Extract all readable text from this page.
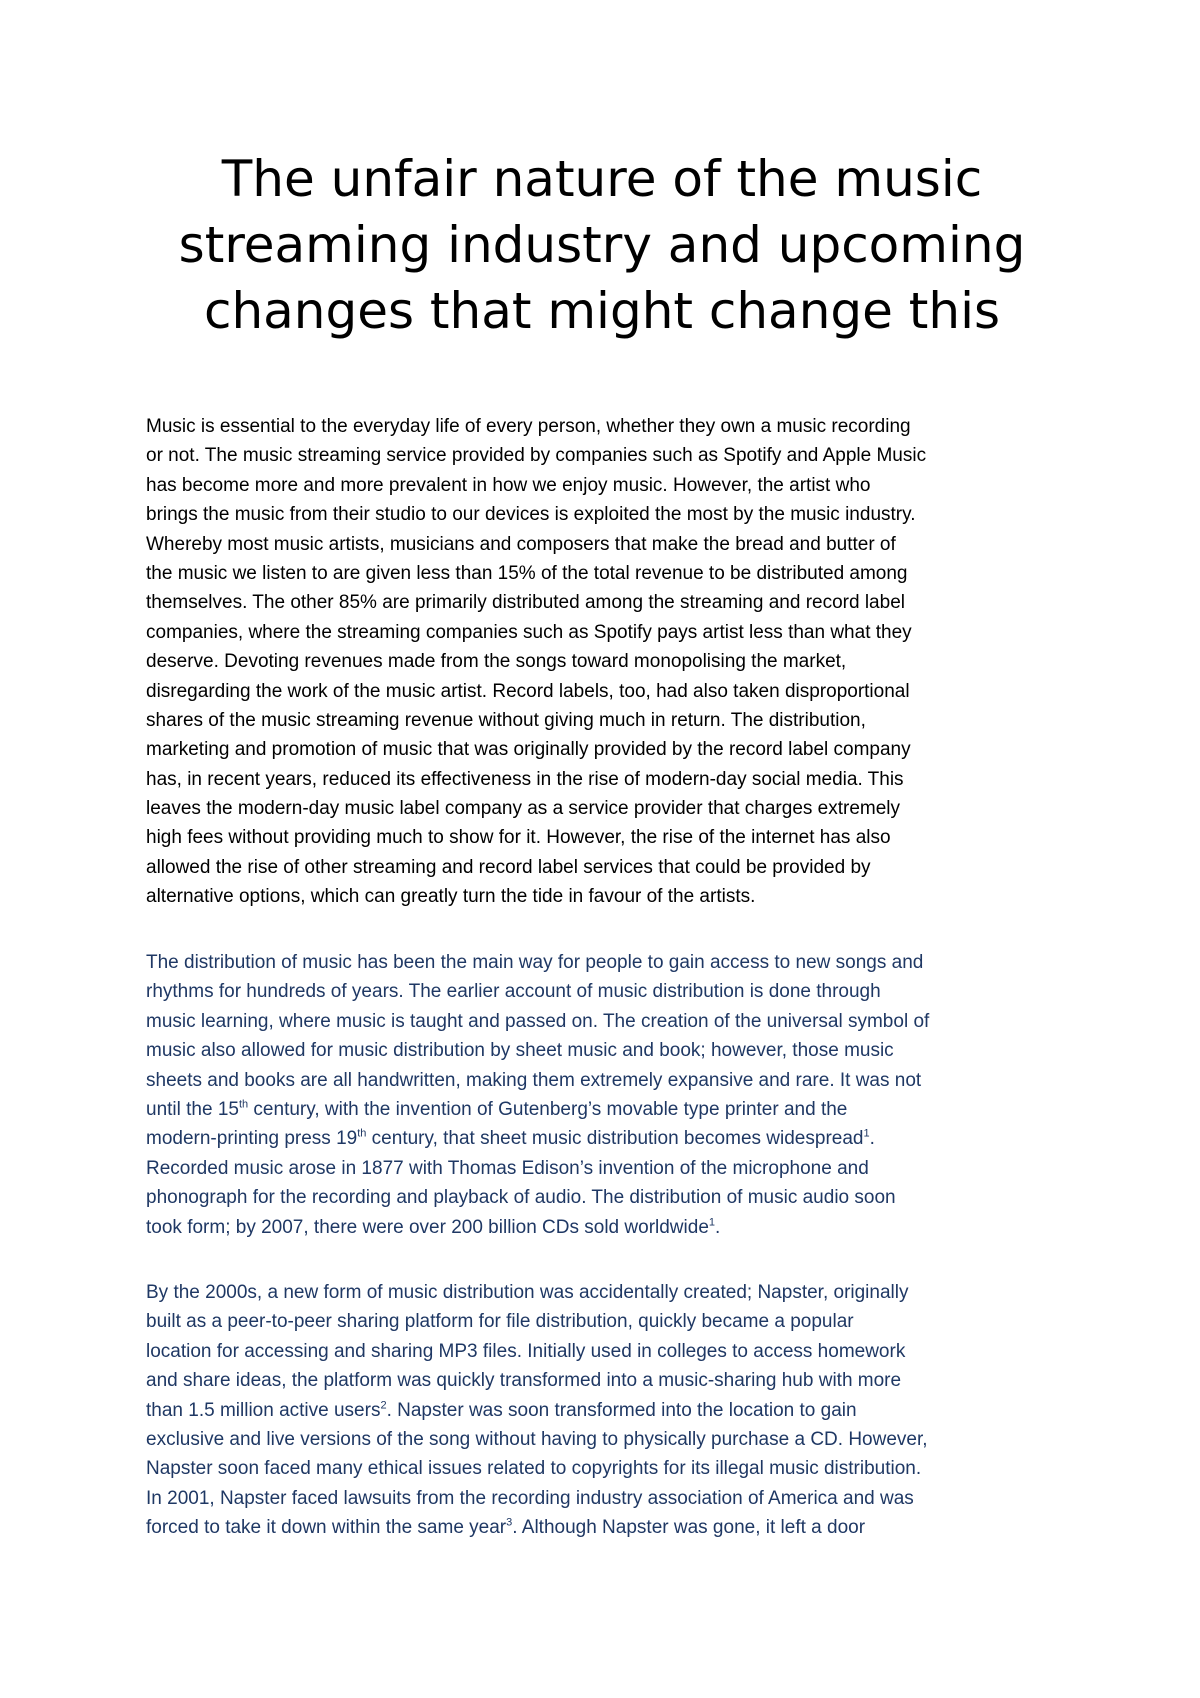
The unfair nature of the music streaming industry and upcoming changes that might change this
Music is essential to the everyday life of every person, whether they own a music recording
or not. The music streaming service provided by companies such as Spotify and Apple Music
has become more and more prevalent in how we enjoy music. However, the artist who
brings the music from their studio to our devices is exploited the most by the music industry.
Whereby most music artists, musicians and composers that make the bread and butter of
the music we listen to are given less than 15% of the total revenue to be distributed among
themselves. The other 85% are primarily distributed among the streaming and record label
companies, where the streaming companies such as Spotify pays artist less than what they
deserve. Devoting revenues made from the songs toward monopolising the market,
disregarding the work of the music artist. Record labels, too, had also taken disproportional
shares of the music streaming revenue without giving much in return. The distribution,
marketing and promotion of music that was originally provided by the record label company
has, in recent years, reduced its effectiveness in the rise of modern-day social media. This
leaves the modern-day music label company as a service provider that charges extremely
high fees without providing much to show for it. However, the rise of the internet has also
allowed the rise of other streaming and record label services that could be provided by
alternative options, which can greatly turn the tide in favour of the artists.
The distribution of music has been the main way for people to gain access to new songs and
rhythms for hundreds of years. The earlier account of music distribution is done through
music learning, where music is taught and passed on. The creation of the universal symbol of
music also allowed for music distribution by sheet music and book; however, those music
sheets and books are all handwritten, making them extremely expansive and rare. It was not
until the 15th century, with the invention of Gutenberg’s movable type printer and the
modern-printing press 19th century, that sheet music distribution becomes widespread$^1$.
Recorded music arose in 1877 with Thomas Edison’s invention of the microphone and
phonograph for the recording and playback of audio. The distribution of music audio soon
took form; by 2007, there were over 200 billion CDs sold worldwide$^1$.
By the 2000s, a new form of music distribution was accidentally created; Napster, originally
built as a peer-to-peer sharing platform for file distribution, quickly became a popular
location for accessing and sharing MP3 files. Initially used in colleges to access homework
and share ideas, the platform was quickly transformed into a music-sharing hub with more
than 1.5 million active users$^2$. Napster was soon transformed into the location to gain
exclusive and live versions of the song without having to physically purchase a CD. However,
Napster soon faced many ethical issues related to copyrights for its illegal music distribution.
In 2001, Napster faced lawsuits from the recording industry association of America and was
forced to take it down within the same year$^3$. Although Napster was gone, it left a door
